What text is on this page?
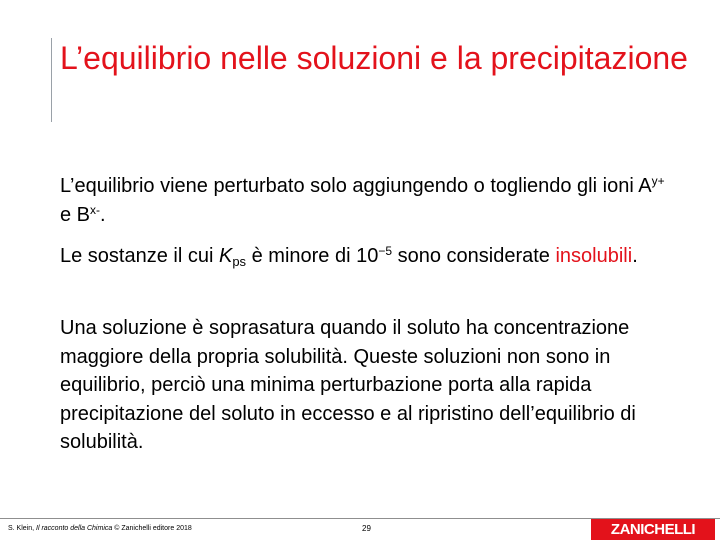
L’equilibrio nelle soluzioni e la precipitazione

L’equilibrio viene perturbato solo aggiungendo o togliendo gli ioni $A^{y+}$ e $B^{x-}$.

Le sostanze il cui $K_{ps}$ è minore di $10^{-5}$ sono considerate insolubili.

Una soluzione è soprasatura quando il soluto ha concentrazione maggiore della propria solubilità. Queste soluzioni non sono in equilibrio, perciò una minima perturbazione porta alla rapida precipitazione del soluto in eccesso e al ripristino dell’equilibrio di solubilità.

S. Klein, Il racconto della Chimica © Zanichelli editore 2018	29	ZANICHELLI
